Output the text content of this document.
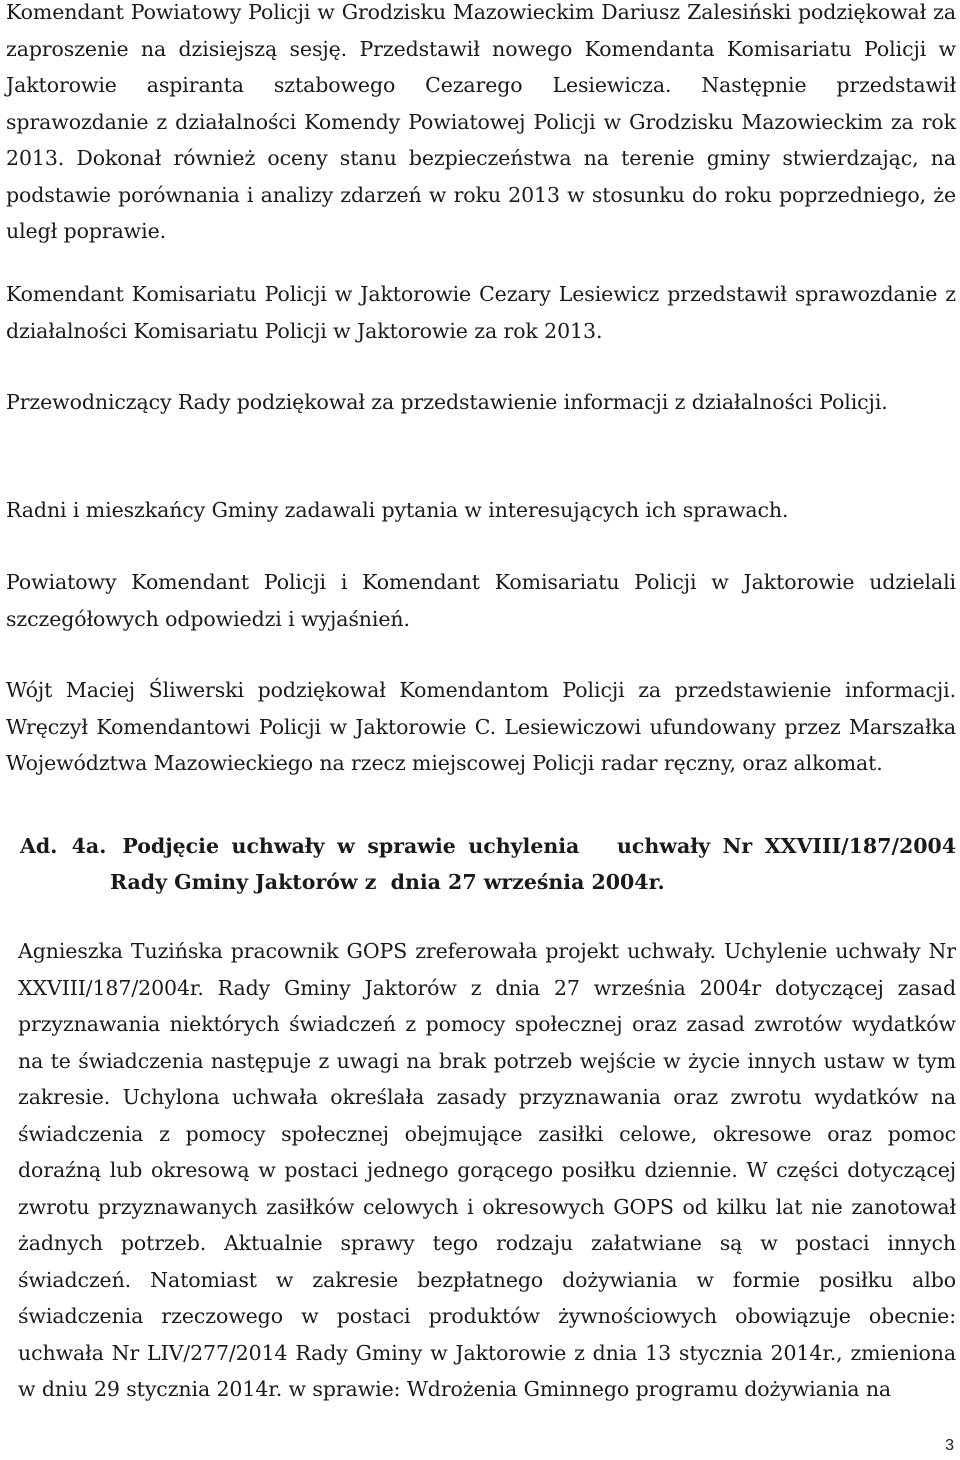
Komendant Powiatowy Policji w Grodzisku Mazowieckim Dariusz Zalesiński podziękował za zaproszenie na dzisiejszą sesję. Przedstawił nowego Komendanta Komisariatu Policji w Jaktorowie aspiranta sztabowego Cezarego Lesiewicza. Następnie przedstawił sprawozdanie z działalności Komendy Powiatowej Policji w Grodzisku Mazowieckim za rok 2013. Dokonał również oceny stanu bezpieczeństwa na terenie gminy stwierdzając, na podstawie porównania i analizy zdarzeń w roku 2013 w stosunku do roku poprzedniego, że uległ poprawie.

Komendant Komisariatu Policji w Jaktorowie Cezary Lesiewicz przedstawił sprawozdanie z działalności Komisariatu Policji w Jaktorowie za rok 2013.

Przewodniczący Rady podziękował za przedstawienie informacji z działalności Policji.

Radni i mieszkańcy Gminy zadawali pytania w interesujących ich sprawach.

Powiatowy Komendant Policji i Komendant Komisariatu Policji w Jaktorowie udzielali szczegółowych odpowiedzi i wyjaśnień.

Wójt Maciej Śliwerski podziękował Komendantom Policji za przedstawienie informacji. Wręczył Komendantowi Policji w Jaktorowie C. Lesiewiczowi ufundowany przez Marszałka Województwa Mazowieckiego na rzecz miejscowej Policji radar ręczny, oraz alkomat.

Ad.  4a. Podjęcie uchwały w sprawie uchylenia   uchwały Nr XXVIII/187/2004
Rady Gminy Jaktorów z  dnia 27 września 2004r.

Agnieszka Tuzińska pracownik GOPS zreferowała projekt uchwały. Uchylenie uchwały Nr XXVIII/187/2004r. Rady Gminy Jaktorów z dnia 27 września 2004r dotyczącej zasad przyznawania niektórych świadczeń z pomocy społecznej oraz zasad zwrotów wydatków na te świadczenia następuje z uwagi na brak potrzeb wejście w życie innych ustaw w tym zakresie. Uchylona uchwała określała zasady przyznawania oraz zwrotu wydatków na świadczenia z pomocy społecznej obejmujące zasiłki celowe, okresowe oraz pomoc doraźną lub okresową w postaci jednego gorącego posiłku dziennie. W części dotyczącej zwrotu przyznawanych zasiłków celowych i okresowych GOPS od kilku lat nie zanotował żadnych potrzeb. Aktualnie sprawy tego rodzaju załatwiane są w postaci innych świadczeń. Natomiast w zakresie bezpłatnego dożywiania w formie posiłku albo świadczenia rzeczowego w postaci produktów żywnościowych obowiązuje obecnie: uchwała Nr LIV/277/2014 Rady Gminy w Jaktorowie z dnia 13 stycznia 2014r., zmieniona w dniu 29 stycznia 2014r. w sprawie: Wdrożenia Gminnego programu dożywiania na

3
